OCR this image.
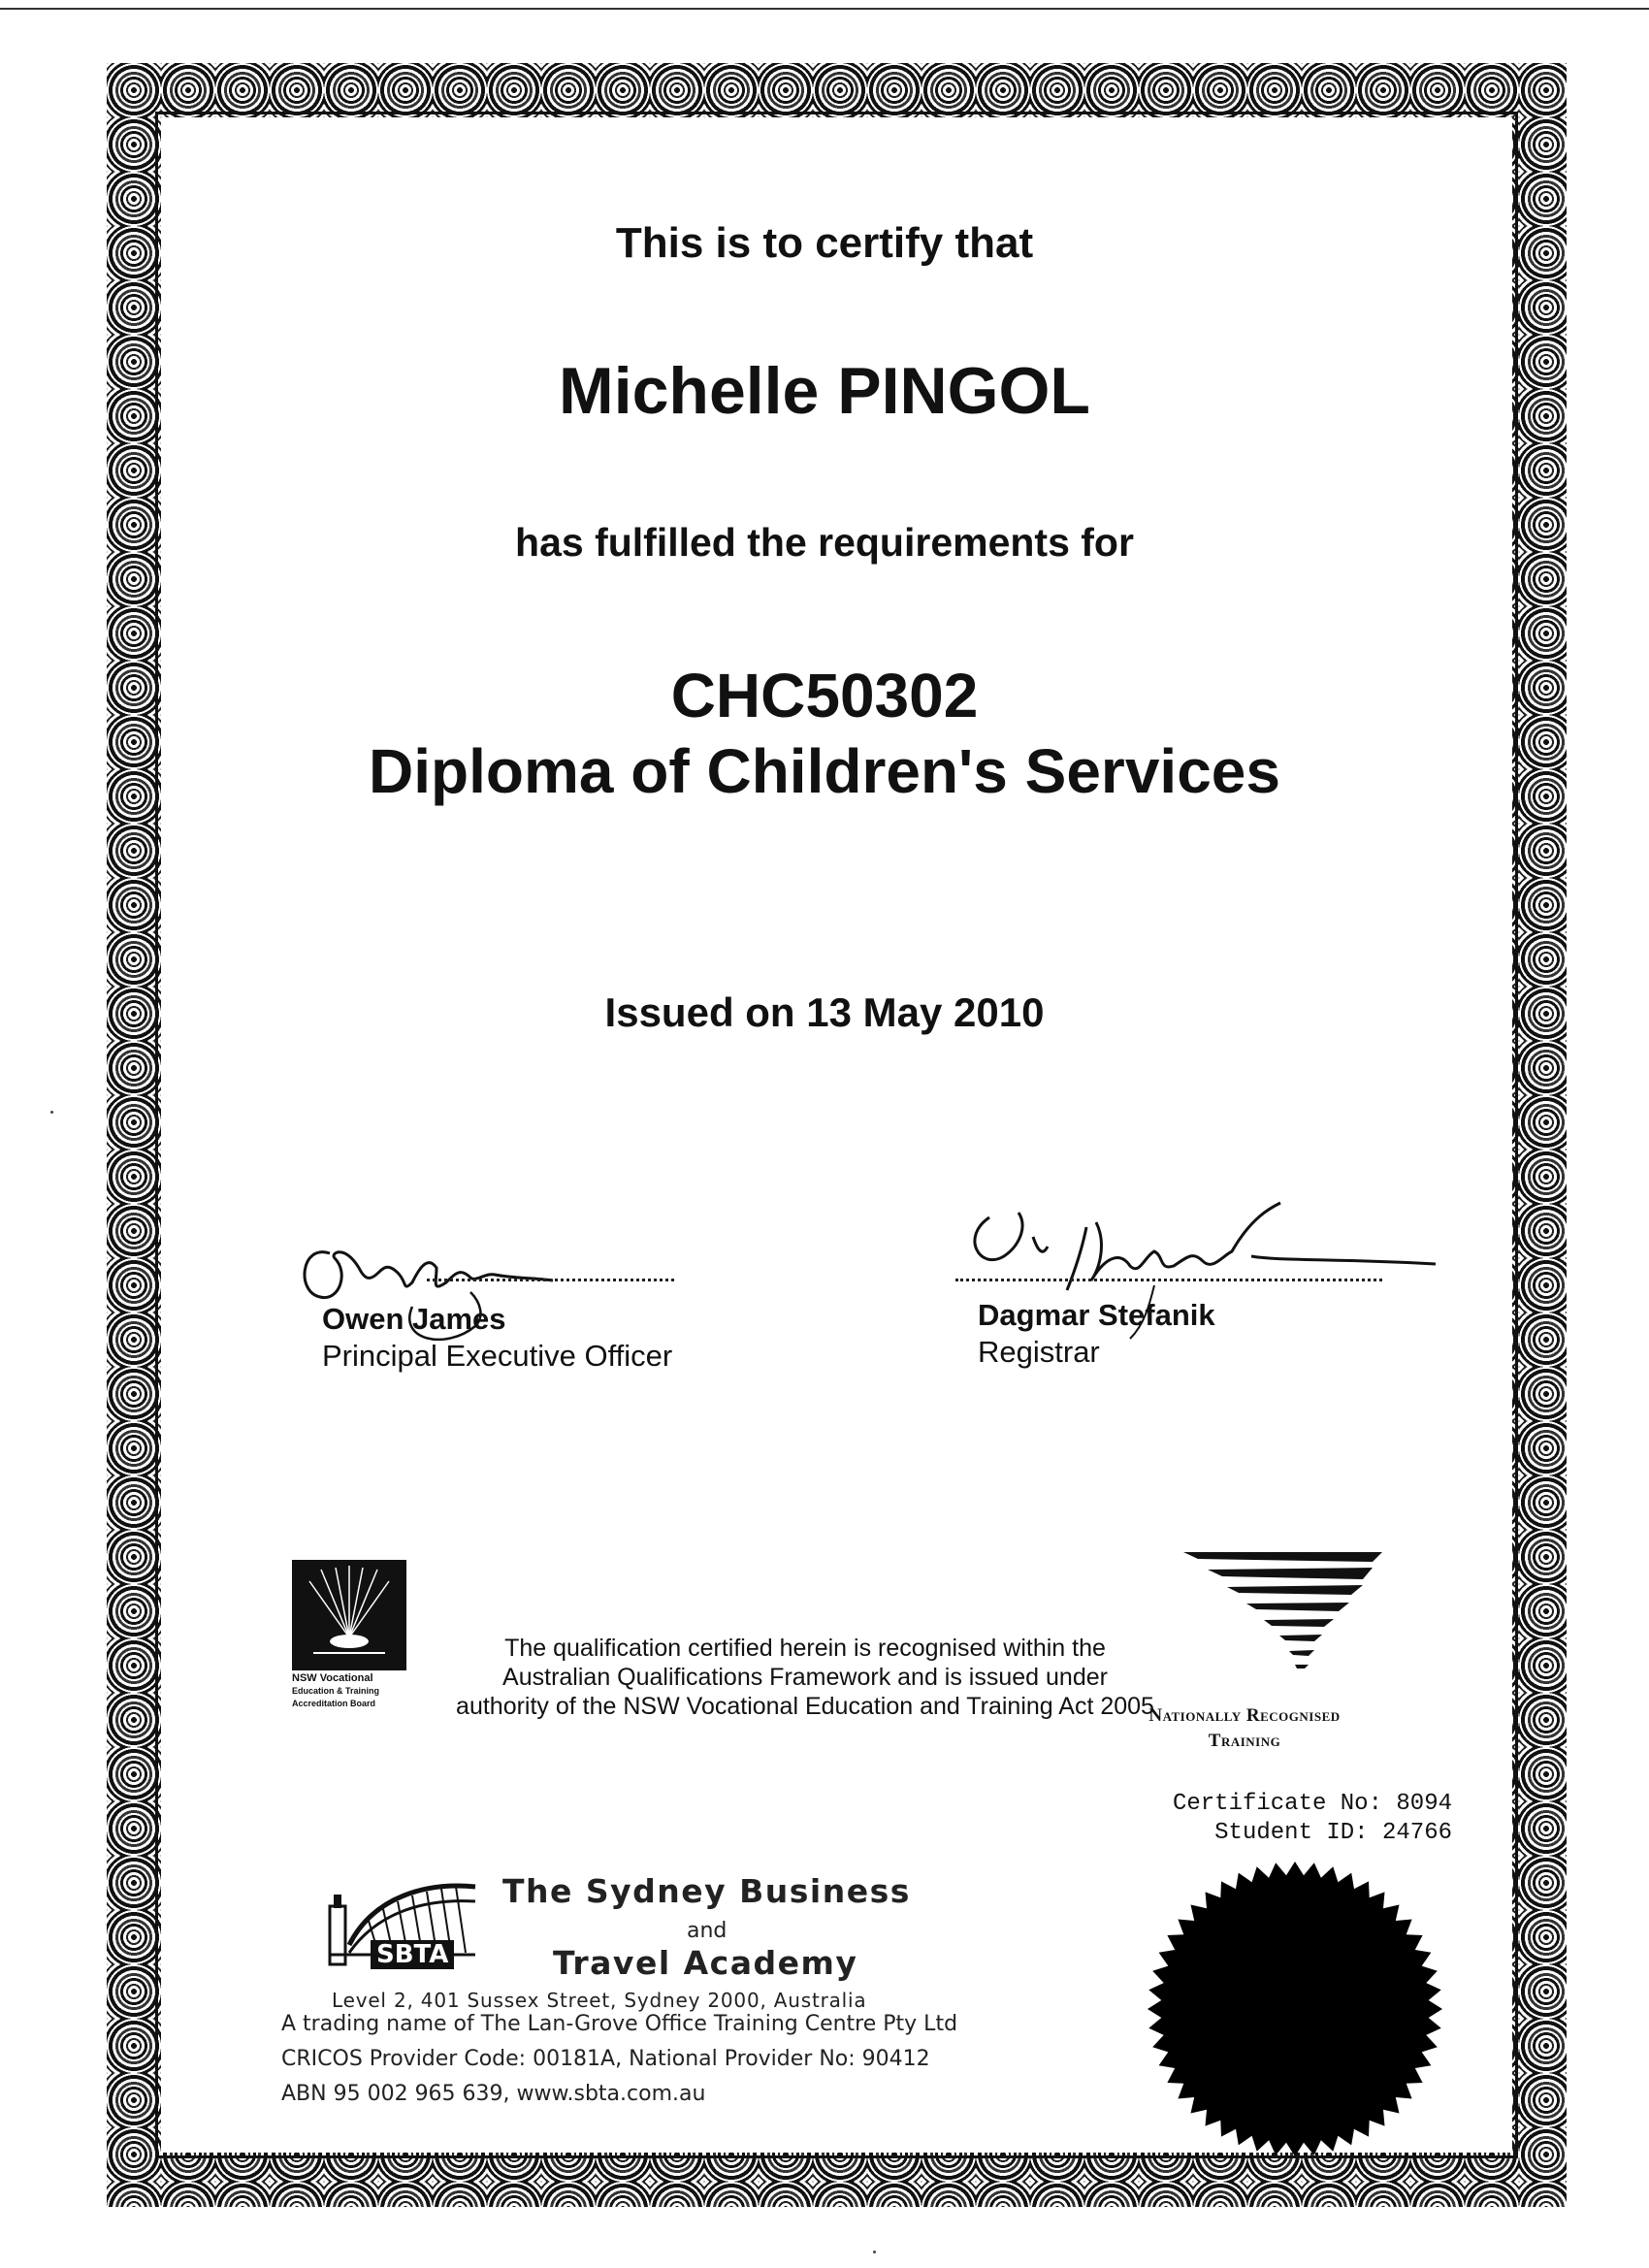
This is to certify that
Michelle PINGOL
has fulfilled the requirements for
CHC50302
Diploma of Children's Services
Issued on 13 May 2010
Owen James
Principal Executive Officer
Dagmar Stefanik
Registrar
NSW Vocational
Education & Training
Accreditation Board
The qualification certified herein is recognised within the Australian Qualifications Framework and is issued under authority of the NSW Vocational Education and Training Act 2005
Nationally Recognised
Training
Certificate No: 8094
Student ID: 24766
SBTA
The Sydney Business
and
Travel Academy
Level 2, 401 Sussex Street, Sydney 2000, Australia
A trading name of The Lan-Grove Office Training Centre Pty Ltd
CRICOS Provider Code: 00181A, National Provider No: 90412
ABN 95 002 965 639, www.sbta.com.au
